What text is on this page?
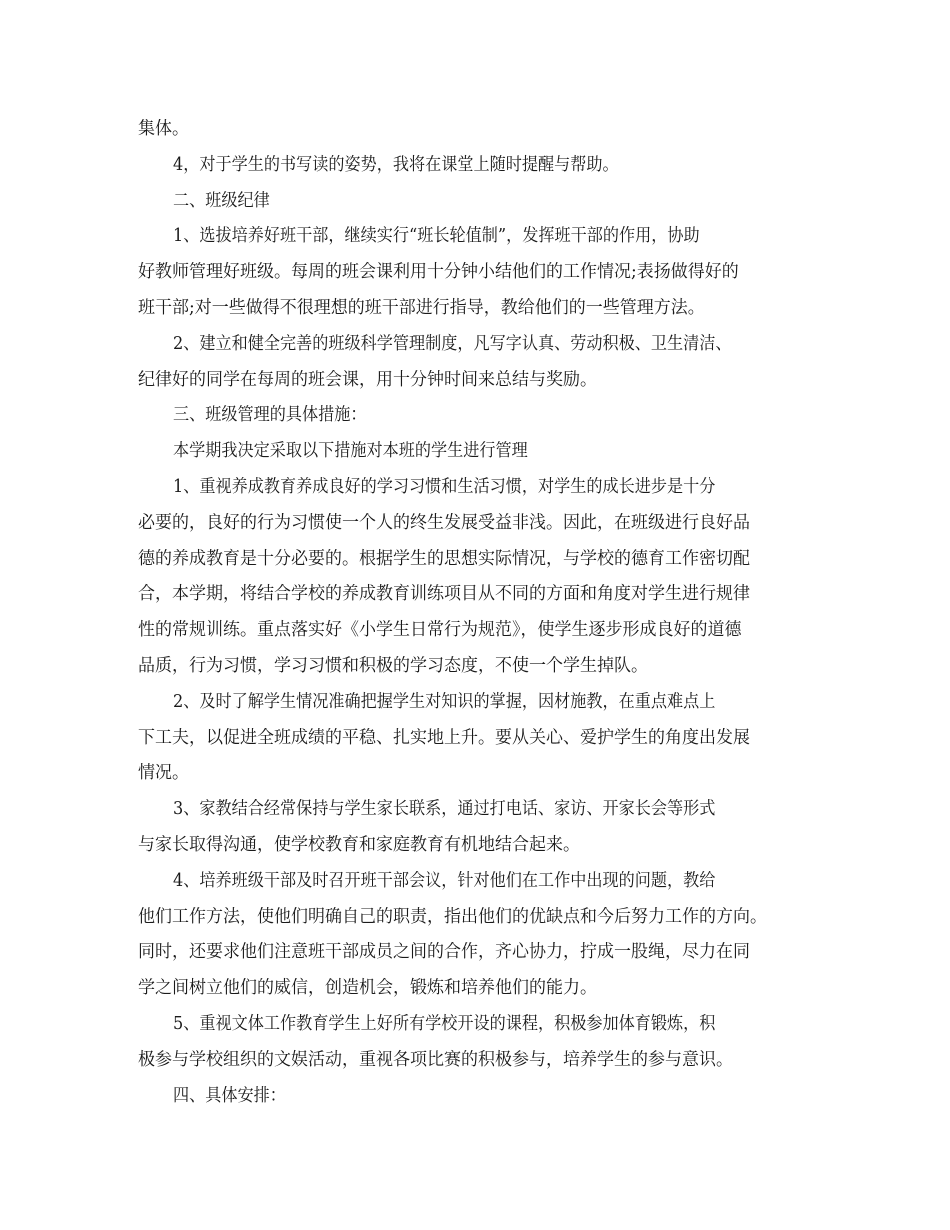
集体。
4，对于学生的书写读的姿势，我将在课堂上随时提醒与帮助。
二、班级纪律
1、选拔培养好班干部，继续实行“班长轮值制”，发挥班干部的作用，协助
好教师管理好班级。每周的班会课利用十分钟小结他们的工作情况;表扬做得好的
班干部;对一些做得不很理想的班干部进行指导，教给他们的一些管理方法。
2、建立和健全完善的班级科学管理制度，凡写字认真、劳动积极、卫生清洁、
纪律好的同学在每周的班会课，用十分钟时间来总结与奖励。
三、班级管理的具体措施：
本学期我决定采取以下措施对本班的学生进行管理
1、重视养成教育养成良好的学习习惯和生活习惯，对学生的成长进步是十分
必要的，良好的行为习惯使一个人的终生发展受益非浅。因此，在班级进行良好品
德的养成教育是十分必要的。根据学生的思想实际情况，与学校的德育工作密切配
合，本学期，将结合学校的养成教育训练项目从不同的方面和角度对学生进行规律
性的常规训练。重点落实好《小学生日常行为规范》，使学生逐步形成良好的道德
品质，行为习惯，学习习惯和积极的学习态度，不使一个学生掉队。
2、及时了解学生情况准确把握学生对知识的掌握，因材施教，在重点难点上
下工夫，以促进全班成绩的平稳、扎实地上升。要从关心、爱护学生的角度出发展
情况。
3、家教结合经常保持与学生家长联系，通过打电话、家访、开家长会等形式
与家长取得沟通，使学校教育和家庭教育有机地结合起来。
4、培养班级干部及时召开班干部会议，针对他们在工作中出现的问题，教给
他们工作方法，使他们明确自己的职责，指出他们的优缺点和今后努力工作的方向。
同时，还要求他们注意班干部成员之间的合作，齐心协力，拧成一股绳，尽力在同
学之间树立他们的威信，创造机会，锻炼和培养他们的能力。
5、重视文体工作教育学生上好所有学校开设的课程，积极参加体育锻炼，积
极参与学校组织的文娱活动，重视各项比赛的积极参与，培养学生的参与意识。
四、具体安排：
